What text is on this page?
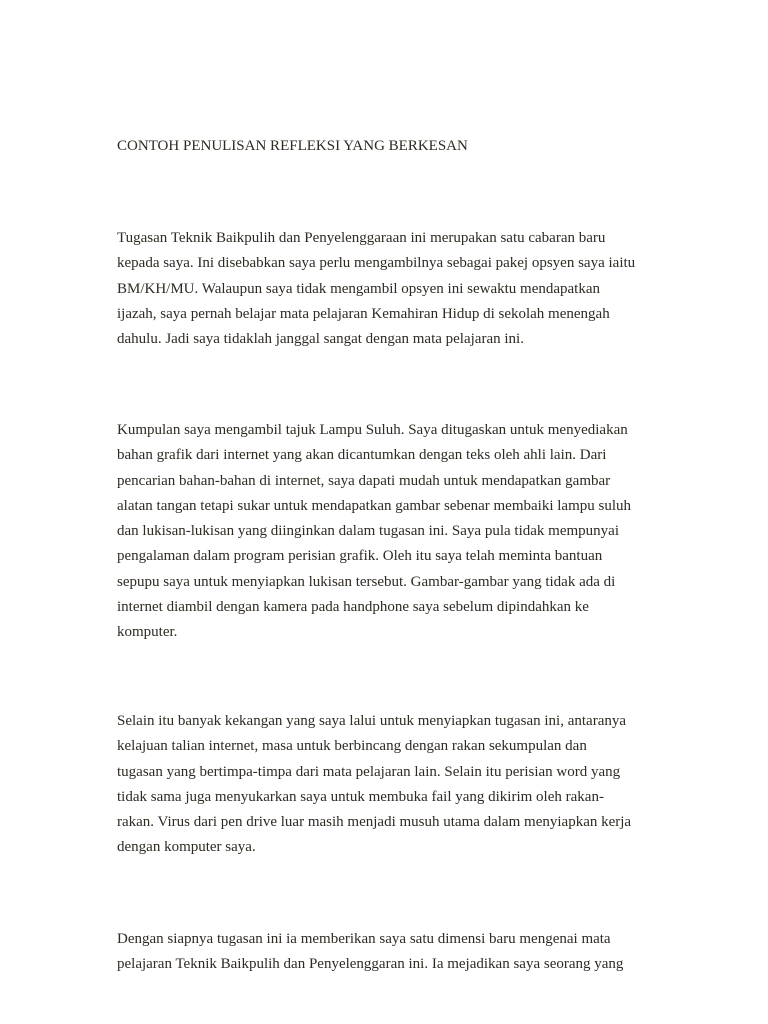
CONTOH PENULISAN REFLEKSI YANG BERKESAN
Tugasan Teknik Baikpulih dan Penyelenggaraan ini merupakan satu cabaran baru
kepada saya. Ini disebabkan saya perlu mengambilnya sebagai pakej opsyen saya iaitu
BM/KH/MU. Walaupun saya tidak mengambil opsyen ini sewaktu mendapatkan
ijazah, saya pernah belajar mata pelajaran Kemahiran Hidup di sekolah menengah
dahulu. Jadi saya tidaklah janggal sangat dengan mata pelajaran ini.
Kumpulan saya mengambil tajuk Lampu Suluh. Saya ditugaskan untuk menyediakan
bahan grafik dari internet yang akan dicantumkan dengan teks oleh ahli lain. Dari
pencarian bahan-bahan di internet, saya dapati mudah untuk mendapatkan gambar
alatan tangan tetapi sukar untuk mendapatkan gambar sebenar membaiki lampu suluh
dan lukisan-lukisan yang diinginkan dalam tugasan ini. Saya pula tidak mempunyai
pengalaman dalam program perisian grafik. Oleh itu saya telah meminta bantuan
sepupu saya untuk menyiapkan lukisan tersebut. Gambar-gambar yang tidak ada di
internet diambil dengan kamera pada handphone saya sebelum dipindahkan ke
komputer.
Selain itu banyak kekangan yang saya lalui untuk menyiapkan tugasan ini, antaranya
kelajuan talian internet, masa untuk berbincang dengan rakan sekumpulan dan
tugasan yang bertimpa-timpa dari mata pelajaran lain. Selain itu perisian word yang
tidak sama juga menyukarkan saya untuk membuka fail yang dikirim oleh rakan-
rakan. Virus dari pen drive luar masih menjadi musuh utama dalam menyiapkan kerja
dengan komputer saya.
Dengan siapnya tugasan ini ia memberikan saya satu dimensi baru mengenai mata
pelajaran Teknik Baikpulih dan Penyelenggaran ini. Ia mejadikan saya seorang yang
